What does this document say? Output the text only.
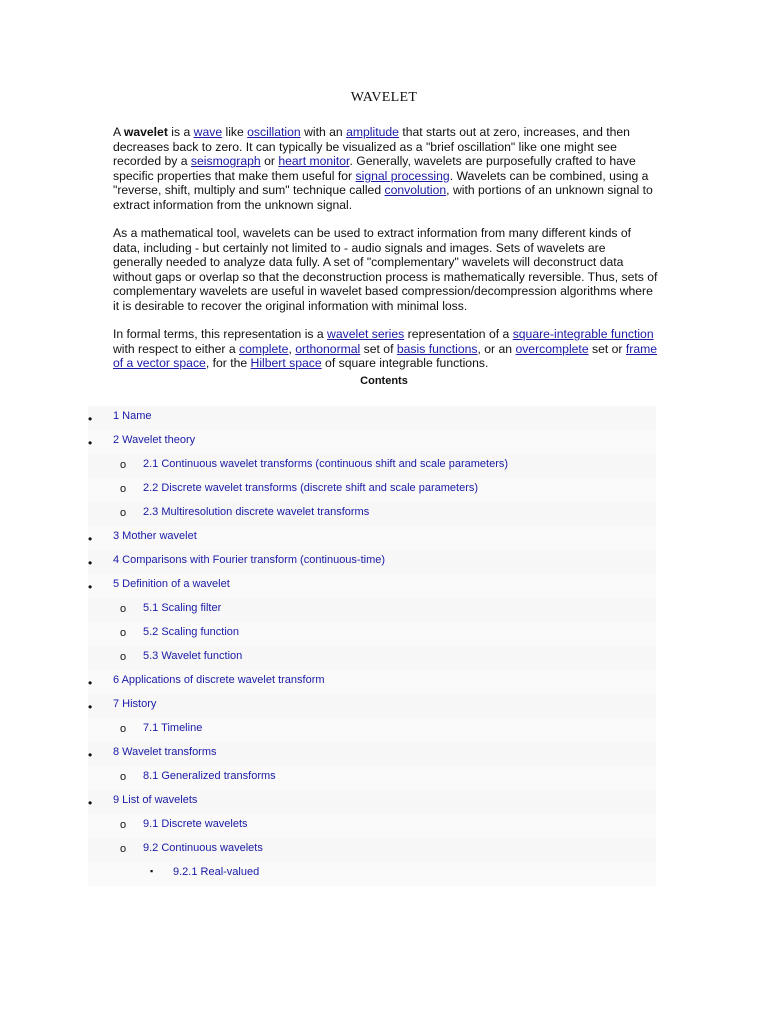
WAVELET
A wavelet is a wave like oscillation with an amplitude that starts out at zero, increases, and then decreases back to zero. It can typically be visualized as a "brief oscillation" like one might see recorded by a seismograph or heart monitor. Generally, wavelets are purposefully crafted to have specific properties that make them useful for signal processing. Wavelets can be combined, using a "reverse, shift, multiply and sum" technique called convolution, with portions of an unknown signal to extract information from the unknown signal.
As a mathematical tool, wavelets can be used to extract information from many different kinds of data, including - but certainly not limited to - audio signals and images. Sets of wavelets are generally needed to analyze data fully. A set of "complementary" wavelets will deconstruct data without gaps or overlap so that the deconstruction process is mathematically reversible. Thus, sets of complementary wavelets are useful in wavelet based compression/decompression algorithms where it is desirable to recover the original information with minimal loss.
In formal terms, this representation is a wavelet series representation of a square-integrable function with respect to either a complete, orthonormal set of basis functions, or an overcomplete set or frame of a vector space, for the Hilbert space of square integrable functions.
Contents
• 1 Name
• 2 Wavelet theory
o 2.1 Continuous wavelet transforms (continuous shift and scale parameters)
o 2.2 Discrete wavelet transforms (discrete shift and scale parameters)
o 2.3 Multiresolution discrete wavelet transforms
• 3 Mother wavelet
• 4 Comparisons with Fourier transform (continuous-time)
• 5 Definition of a wavelet
o 5.1 Scaling filter
o 5.2 Scaling function
o 5.3 Wavelet function
• 6 Applications of discrete wavelet transform
• 7 History
o 7.1 Timeline
• 8 Wavelet transforms
o 8.1 Generalized transforms
• 9 List of wavelets
o 9.1 Discrete wavelets
o 9.2 Continuous wavelets
▪ 9.2.1 Real-valued
